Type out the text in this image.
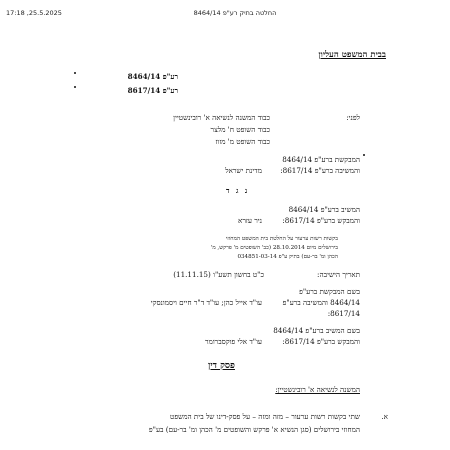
17:18 ,25.5.2025	החלטה בתיק רע"פ 8464/14
בבית המשפט העליון
רע"פ 8464/14
רע"פ 8617/14
לפני:
כבוד המשנה לנשיאה א' רובינשטיין
כבוד השופט ח' מלצר
כבוד השופט מ' מזוז
המבקשת ברע"פ 8464/14
והמשיבה ברע"פ 8617/14:
מדינת ישראל
נ ג ד
המשיב ברע"פ 8464/14
והמבקש ברע"פ 8617/14:
ניר עזרא
בקשות רשות ערעור על החלטת בית המשפט המחוזי
בירושלים מיום 28.10.2014 (כב' השופטים מ' פרקש, מ'
הכהן ומ' בר-עם) בתיק ע"פ 034851-03-14
תאריך הישיבה:
כ"ט בחשון תשע"ו (11.11.15)
בשם המבקשת ברע"פ
8464/14 והמשיבה ברע"פ
8617/14:
עו"ד אייל כהן; עו"ד ד"ר חיים ויסמונסקי
בשם המשיב ברע"פ 8464/14
והמבקש ברע"פ 8617/14:
עו"ד אלי פוקסברומר
פסק דין
המשנה לנשיאה א' רובינשטיין:
א.
שתי בקשות רשות ערעור – מזה ומזה – על פסק-דינו של בית המשפט
המחוזי בירושלים (סגן הנשיא א' פרקש והשופטים מ' הכהן ומ' בר-עם) בע"פ
